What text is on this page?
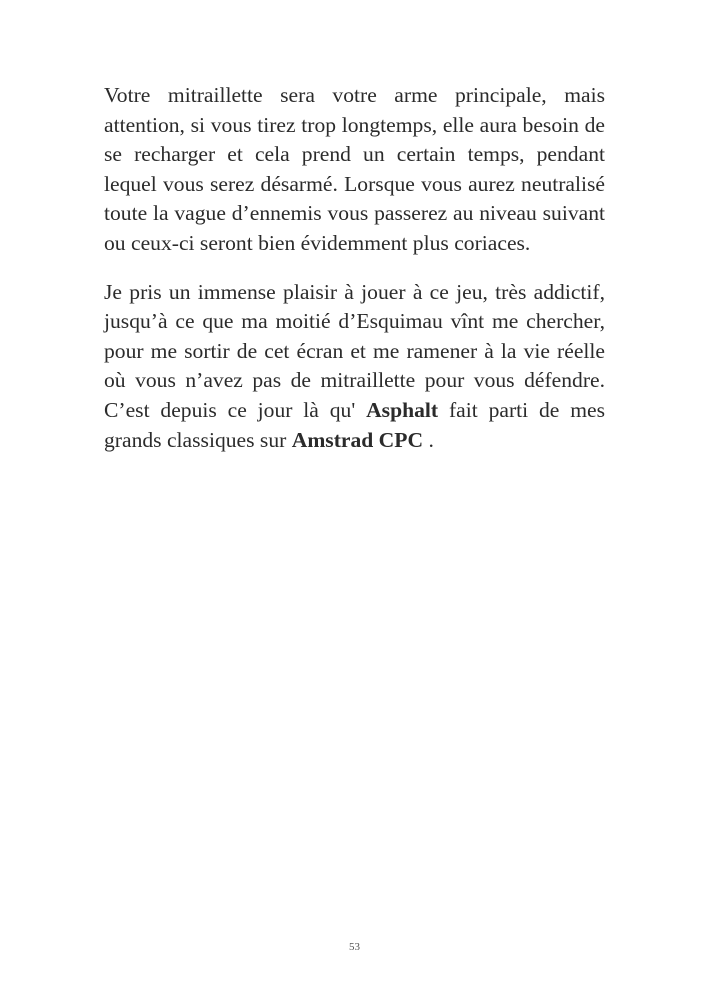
Votre mitraillette sera votre arme principale, mais attention, si vous tirez trop longtemps, elle aura besoin de se recharger et cela prend un certain temps, pendant lequel vous serez désarmé. Lorsque vous aurez neutralisé toute la vague d’ennemis vous passerez au niveau suivant ou ceux-ci seront bien évidemment plus coriaces.

Je pris un immense plaisir à jouer à ce jeu, très addictif, jusqu’à ce que ma moitié d’Esquimau vînt me chercher, pour me sortir de cet écran et me ramener à la vie réelle où vous n’avez pas de mitraillette pour vous défendre. C’est depuis ce jour là qu' Asphalt fait parti de mes grands classiques sur Amstrad CPC .

53
